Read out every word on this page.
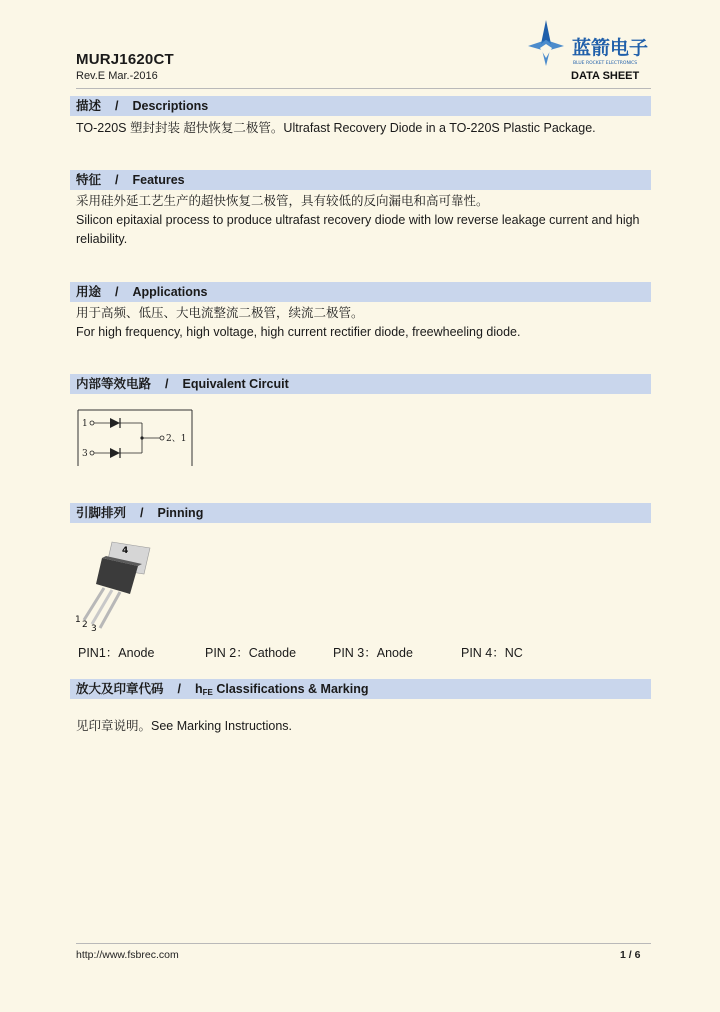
MURJ1620CT
Rev.E Mar.-2016
蓝箭电子
BLUE ROCKET ELECTRONICS
DATA SHEET
描述 / Descriptions
TO-220S 塑封封装 超快恢复二极管。Ultrafast Recovery Diode in a TO-220S Plastic Package.
特征 / Features
采用硅外延工艺生产的超快恢复二极管，具有较低的反向漏电和高可靠性。
Silicon epitaxial process to produce ultrafast recovery diode with low reverse leakage current and high reliability.
用途 / Applications
用于高频、低压、大电流整流二极管，续流二极管。
For high frequency, high voltage, high current rectifier diode, freewheeling diode.
内部等效电路 / Equivalent Circuit
1
3
2、1
引脚排列 / Pinning
4
1 2 3
PIN1：Anode	PIN 2：Cathode	PIN 3：Anode	PIN 4：NC
放大及印章代码 / $h_{FE}$ Classifications & Marking
见印章说明。See Marking Instructions.
http://www.fsbrec.com	1 / 6
